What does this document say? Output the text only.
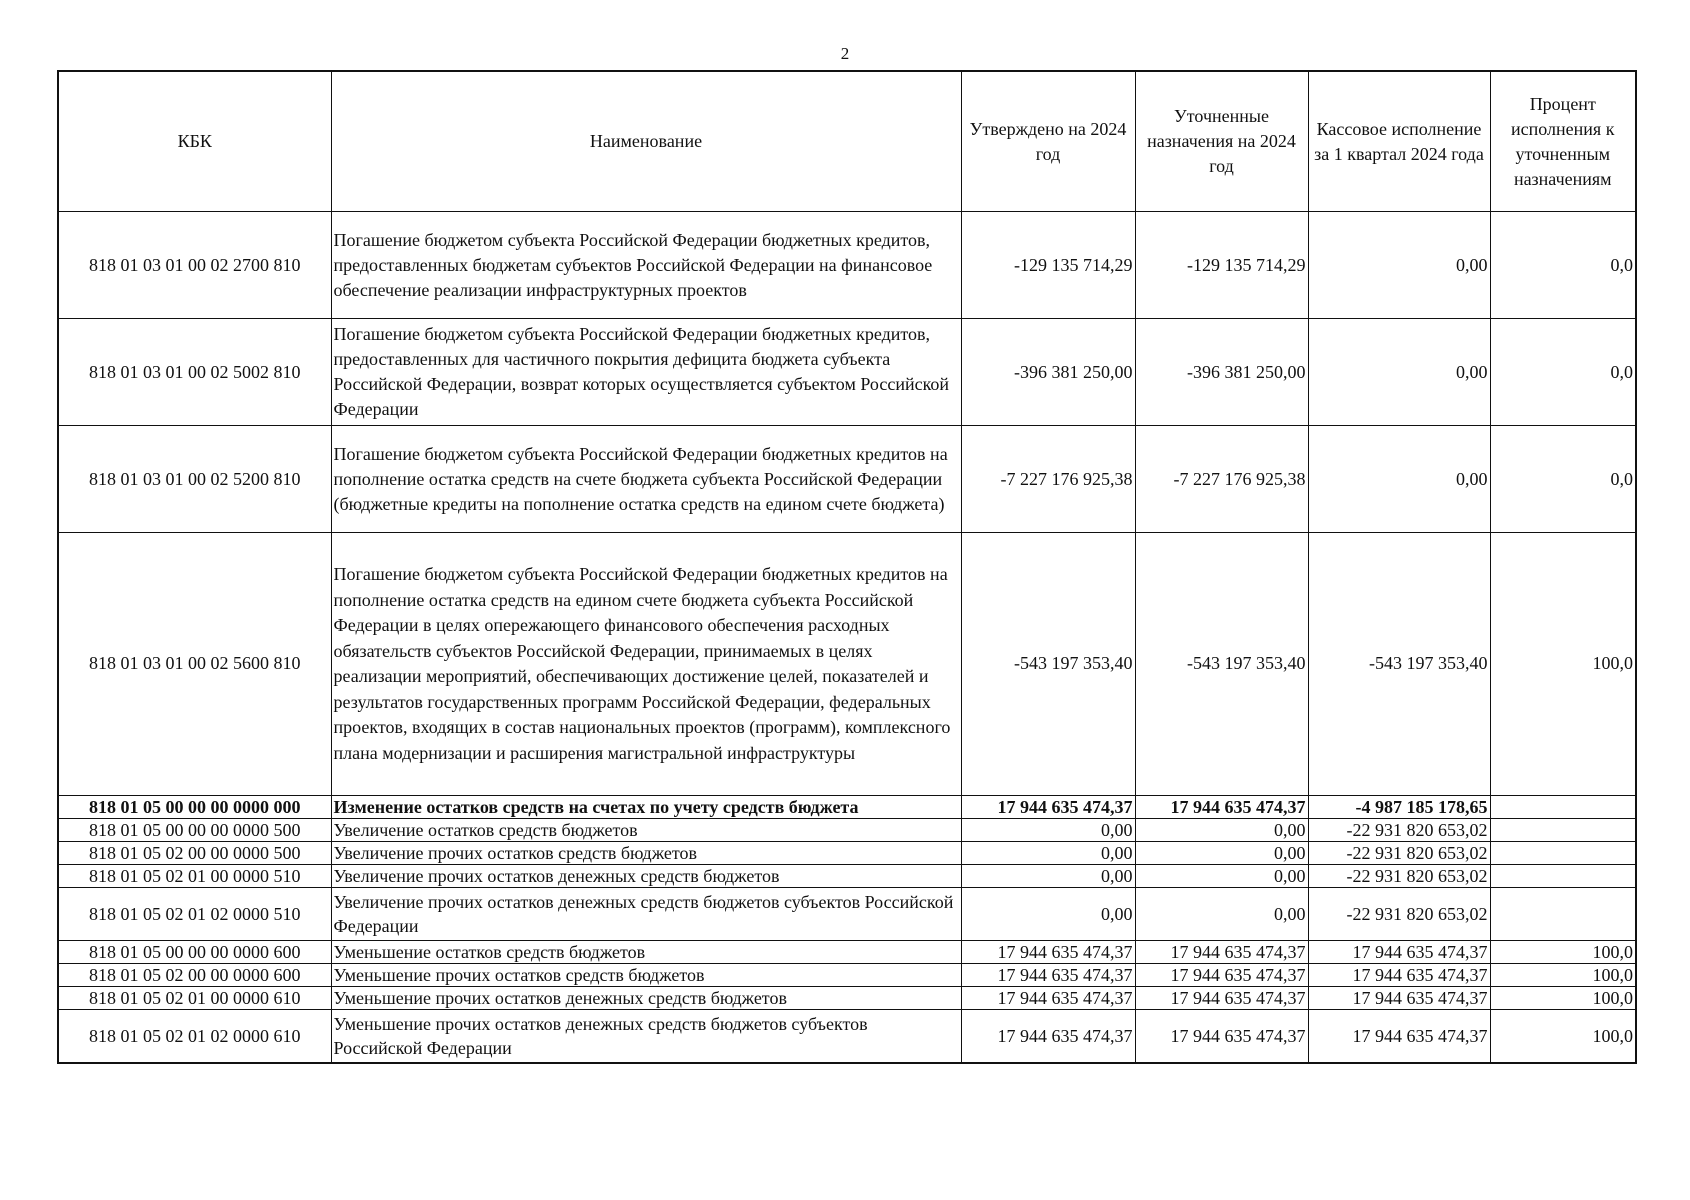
2
КБК	Наименование	Утверждено на 2024 год	Уточненные назначения на 2024 год	Кассовое исполнение за 1 квартал 2024 года	Процент исполнения к уточненным назначениям
818 01 03 01 00 02 2700 810	Погашение бюджетом субъекта Российской Федерации бюджетных кредитов, предоставленных бюджетам субъектов Российской Федерации на финансовое обеспечение реализации инфраструктурных проектов	-129 135 714,29	-129 135 714,29	0,00	0,0
818 01 03 01 00 02 5002 810	Погашение бюджетом субъекта Российской Федерации бюджетных кредитов, предоставленных для частичного покрытия дефицита бюджета субъекта Российской Федерации, возврат которых осуществляется субъектом Российской Федерации	-396 381 250,00	-396 381 250,00	0,00	0,0
818 01 03 01 00 02 5200 810	Погашение бюджетом субъекта Российской Федерации бюджетных кредитов на пополнение остатка средств на счете бюджета субъекта Российской Федерации (бюджетные кредиты на пополнение остатка средств на едином счете бюджета)	-7 227 176 925,38	-7 227 176 925,38	0,00	0,0
818 01 03 01 00 02 5600 810	Погашение бюджетом субъекта Российской Федерации бюджетных кредитов на пополнение остатка средств на едином счете бюджета субъекта Российской Федерации в целях опережающего финансового обеспечения расходных обязательств субъектов Российской Федерации, принимаемых в целях реализации мероприятий, обеспечивающих достижение целей, показателей и результатов государственных программ Российской Федерации, федеральных проектов, входящих в состав национальных проектов (программ), комплексного плана модернизации и расширения магистральной инфраструктуры	-543 197 353,40	-543 197 353,40	-543 197 353,40	100,0
818 01 05 00 00 00 0000 000	Изменение остатков средств на счетах по учету средств бюджета	17 944 635 474,37	17 944 635 474,37	-4 987 185 178,65	
818 01 05 00 00 00 0000 500	Увеличение остатков средств бюджетов	0,00	0,00	-22 931 820 653,02	
818 01 05 02 00 00 0000 500	Увеличение прочих остатков средств бюджетов	0,00	0,00	-22 931 820 653,02	
818 01 05 02 01 00 0000 510	Увеличение прочих остатков денежных средств бюджетов	0,00	0,00	-22 931 820 653,02	
818 01 05 02 01 02 0000 510	Увеличение прочих остатков денежных средств бюджетов субъектов Российской Федерации	0,00	0,00	-22 931 820 653,02	
818 01 05 00 00 00 0000 600	Уменьшение остатков средств бюджетов	17 944 635 474,37	17 944 635 474,37	17 944 635 474,37	100,0
818 01 05 02 00 00 0000 600	Уменьшение прочих остатков средств бюджетов	17 944 635 474,37	17 944 635 474,37	17 944 635 474,37	100,0
818 01 05 02 01 00 0000 610	Уменьшение прочих остатков денежных средств бюджетов	17 944 635 474,37	17 944 635 474,37	17 944 635 474,37	100,0
818 01 05 02 01 02 0000 610	Уменьшение прочих остатков денежных средств бюджетов субъектов Российской Федерации	17 944 635 474,37	17 944 635 474,37	17 944 635 474,37	100,0
